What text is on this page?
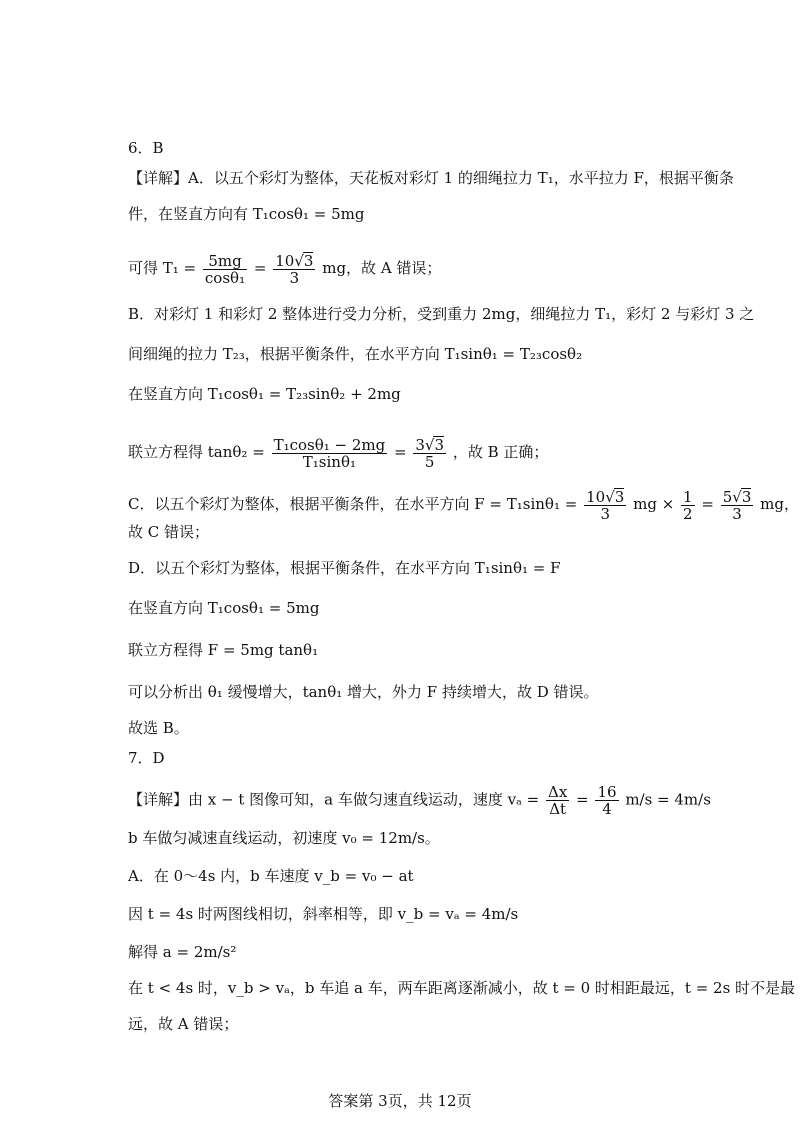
6．B
【详解】A．以五个彩灯为整体，天花板对彩灯 1 的细绳拉力 T₁，水平拉力 F，根据平衡条
件，在竖直方向有 T₁cosθ₁ = 5mg
可得 $T_1 = \frac{5mg}{\text{cosθ₁}} = \frac{10√3}{3}$ mg，故 A 错误；
B．对彩灯 1 和彩灯 2 整体进行受力分析，受到重力 2mg，细绳拉力 T₁，彩灯 2 与彩灯 3 之
间细绳的拉力 T₂₃，根据平衡条件，在水平方向 T₁sinθ₁ = T₂₃cosθ₂
在竖直方向 T₁cosθ₁ = T₂₃sinθ₂ + 2mg
联立方程得 $\tan\theta_2 = \frac{\text{T₁cosθ₁ − 2mg}}{\text{T₁sinθ₁}} = \frac{3√3}{5}$ ，故 B 正确；
C．以五个彩灯为整体，根据平衡条件，在水平方向 $F = T_1\sin\theta_1 = \frac{10√3}{3}$ mg × $\frac{1}{2} = \frac{5√3}{3}$ mg，
故 C 错误；
D．以五个彩灯为整体，根据平衡条件，在水平方向 T₁sinθ₁ = F
在竖直方向 T₁cosθ₁ = 5mg
联立方程得 F = 5mg tanθ₁
可以分析出 θ₁ 缓慢增大，tanθ₁ 增大，外力 F 持续增大，故 D 错误。
故选 B。
7．D
【详解】由 x − t 图像可知，a 车做匀速直线运动，速度 $v_a = \frac{\Delta x}{\Delta t} = \frac{16}{4} m/s = 4m/s$
b 车做匀减速直线运动，初速度 v₀ = 12m/s。
A．在 0～4s 内，b 车速度 v_b = v₀ − at
因 t = 4s 时两图线相切，斜率相等，即 v_b = vₐ = 4m/s
解得 a = 2m/s²
在 t < 4s 时，v_b > vₐ，b 车追 a 车，两车距离逐渐减小，故 t = 0 时相距最远，t = 2s 时不是最
远，故 A 错误；
答案第 3页，共 12页
